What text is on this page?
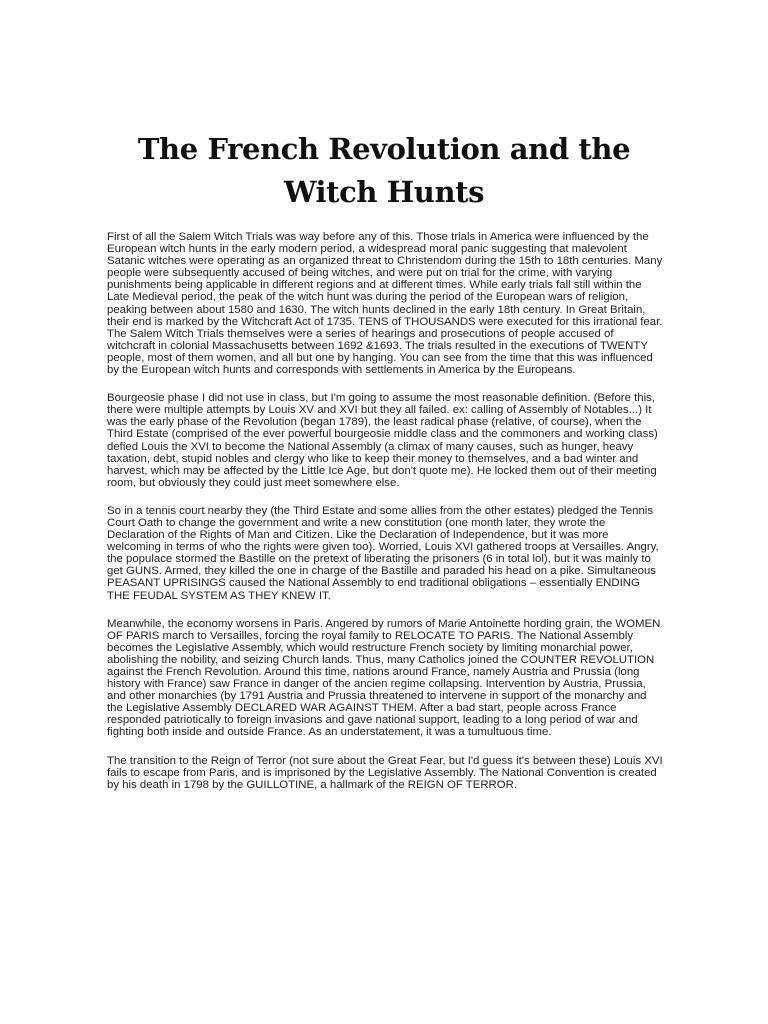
The French Revolution and the
Witch Hunts

First of all the Salem Witch Trials was way before any of this. Those trials in America were influenced by the European witch hunts in the early modern period, a widespread moral panic suggesting that malevolent Satanic witches were operating as an organized threat to Christendom during the 15th to 18th centuries. Many people were subsequently accused of being witches, and were put on trial for the crime, with varying punishments being applicable in different regions and at different times. While early trials fall still within the Late Medieval period, the peak of the witch hunt was during the period of the European wars of religion, peaking between about 1580 and 1630. The witch hunts declined in the early 18th century. In Great Britain, their end is marked by the Witchcraft Act of 1735. TENS of THOUSANDS were executed for this irrational fear. The Salem Witch Trials themselves were a series of hearings and prosecutions of people accused of witchcraft in colonial Massachusetts between 1692 &1693. The trials resulted in the executions of TWENTY people, most of them women, and all but one by hanging. You can see from the time that this was influenced by the European witch hunts and corresponds with settlements in America by the Europeans.

Bourgeosie phase I did not use in class, but I'm going to assume the most reasonable definition. (Before this, there were multiple attempts by Louis XV and XVI but they all failed. ex: calling of Assembly of Notables...) It was the early phase of the Revolution (began 1789), the least radical phase (relative, of course), when the Third Estate (comprised of the ever powerful bourgeosie middle class and the commoners and working class) defied Louis the XVI to become the National Assembly (a climax of many causes, such as hunger, heavy taxation, debt, stupid nobles and clergy who like to keep their money to themselves, and a bad winter and harvest, which may be affected by the Little Ice Age, but don't quote me). He locked them out of their meeting room, but obviously they could just meet somewhere else.

So in a tennis court nearby they (the Third Estate and some allies from the other estates) pledged the Tennis Court Oath to change the government and write a new constitution (one month later, they wrote the Declaration of the Rights of Man and Citizen. Like the Declaration of Independence, but it was more welcoming in terms of who the rights were given too). Worried, Louis XVI gathered troops at Versailles. Angry, the populace stormed the Bastille on the pretext of liberating the prisoners (6 in total lol), but it was mainly to get GUNS. Armed, they killed the one in charge of the Bastille and paraded his head on a pike. Simultaneous PEASANT UPRISINGS caused the National Assembly to end traditional obligations – essentially ENDING THE FEUDAL SYSTEM AS THEY KNEW IT.

Meanwhile, the economy worsens in Paris. Angered by rumors of Marie Antoinette hording grain, the WOMEN OF PARIS march to Versailles, forcing the royal family to RELOCATE TO PARIS. The National Assembly becomes the Legislative Assembly, which would restructure French society by limiting monarchial power, abolishing the nobility, and seizing Church lands. Thus, many Catholics joined the COUNTER REVOLUTION against the French Revolution. Around this time, nations around France, namely Austria and Prussia (long history with France) saw France in danger of the ancien regime collapsing. Intervention by Austria, Prussia, and other monarchies (by 1791 Austria and Prussia threatened to intervene in support of the monarchy and the Legislative Assembly DECLARED WAR AGAINST THEM. After a bad start, people across France responded patriotically to foreign invasions and gave national support, leading to a long period of war and fighting both inside and outside France. As an understatement, it was a tumultuous time.

The transition to the Reign of Terror (not sure about the Great Fear, but I'd guess it's between these) Louis XVI fails to escape from Paris, and is imprisoned by the Legislative Assembly. The National Convention is created by his death in 1798 by the GUILLOTINE, a hallmark of the REIGN OF TERROR.
